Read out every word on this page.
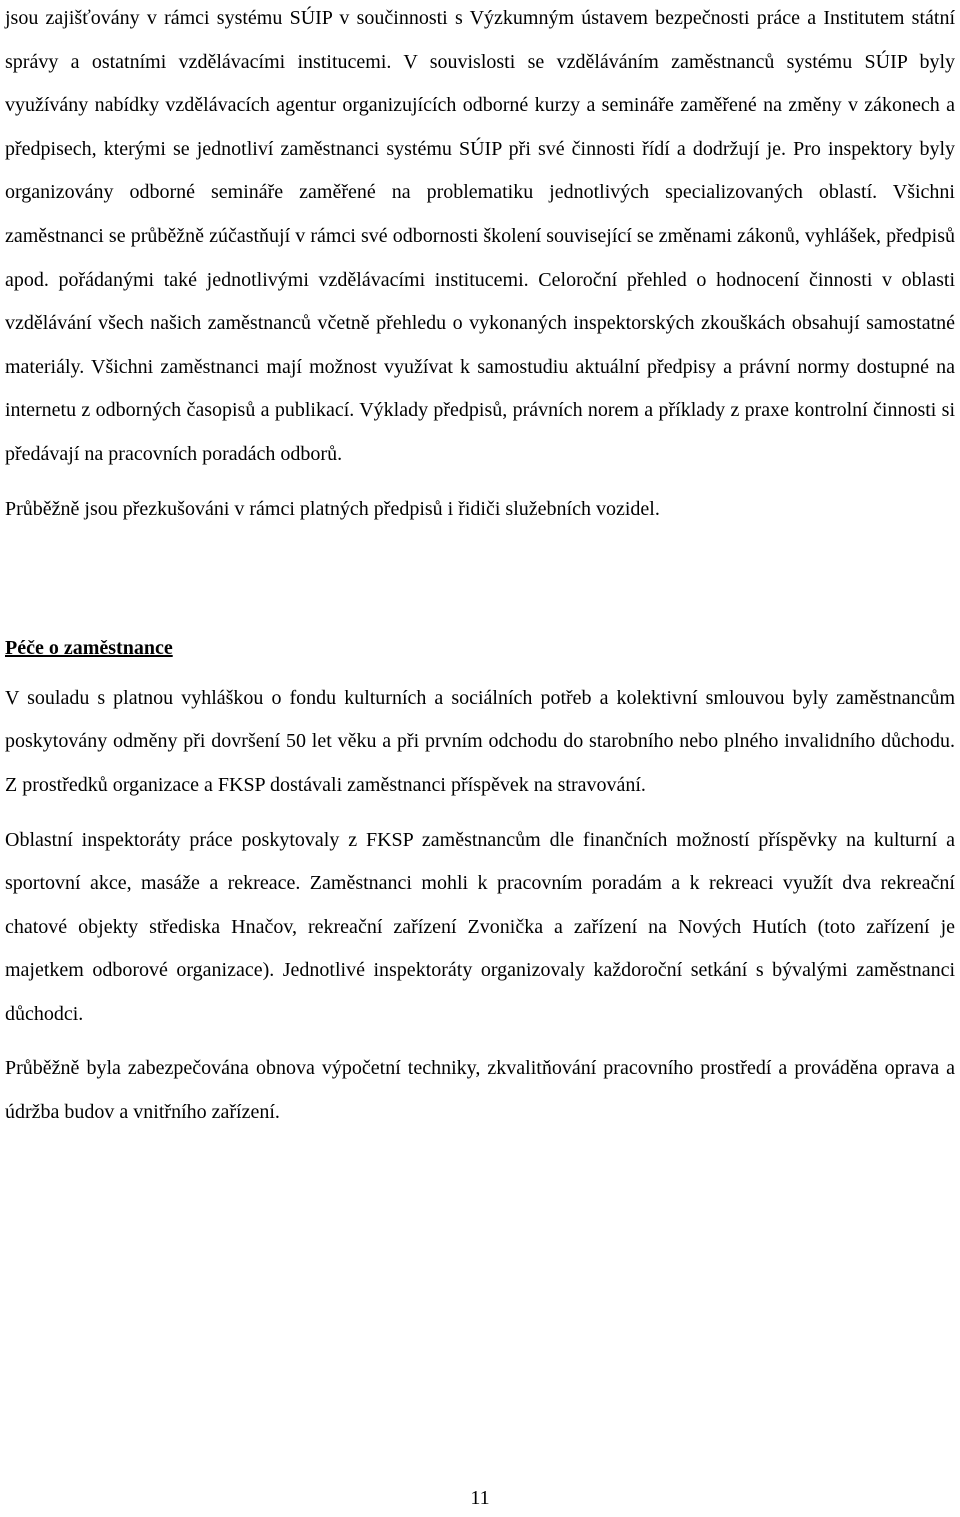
jsou zajišťovány v rámci systému SÚIP v součinnosti s Výzkumným ústavem bezpečnosti práce a Institutem státní správy a ostatními vzdělávacími institucemi. V souvislosti se vzděláváním zaměstnanců systému SÚIP byly využívány nabídky vzdělávacích agentur organizujících odborné kurzy a semináře zaměřené na změny v zákonech a předpisech, kterými se jednotliví zaměstnanci systému SÚIP při své činnosti řídí a dodržují je. Pro inspektory byly organizovány odborné semináře zaměřené na problematiku jednotlivých specializovaných oblastí. Všichni zaměstnanci se průběžně zúčastňují v rámci své odbornosti školení související se změnami zákonů, vyhlášek, předpisů apod. pořádanými také jednotlivými vzdělávacími institucemi. Celoroční přehled o hodnocení činnosti v oblasti vzdělávání všech našich zaměstnanců včetně přehledu o vykonaných inspektorských zkouškách obsahují samostatné materiály. Všichni zaměstnanci mají možnost využívat k samostudiu aktuální předpisy a právní normy dostupné na internetu z odborných časopisů a publikací. Výklady předpisů, právních norem a příklady z praxe kontrolní činnosti si předávají na pracovních poradách odborů.

Průběžně jsou přezkušováni v rámci platných předpisů i řidiči služebních vozidel.

Péče o zaměstnance

V souladu s platnou vyhláškou o fondu kulturních a sociálních potřeb a kolektivní smlouvou byly zaměstnancům poskytovány odměny při dovršení 50 let věku a při prvním odchodu do starobního nebo plného invalidního důchodu. Z prostředků organizace a FKSP dostávali zaměstnanci příspěvek na stravování.

Oblastní inspektoráty práce poskytovaly z FKSP zaměstnancům dle finančních možností příspěvky na kulturní a sportovní akce, masáže a rekreace. Zaměstnanci mohli k pracovním poradám a k rekreaci využít dva rekreační chatové objekty střediska Hnačov, rekreační zařízení Zvonička a zařízení na Nových Hutích (toto zařízení je majetkem odborové organizace). Jednotlivé inspektoráty organizovaly každoroční setkání s bývalými zaměstnanci důchodci.

Průběžně byla zabezpečována obnova výpočetní techniky, zkvalitňování pracovního prostředí a prováděna oprava a údržba budov a vnitřního zařízení.

11
